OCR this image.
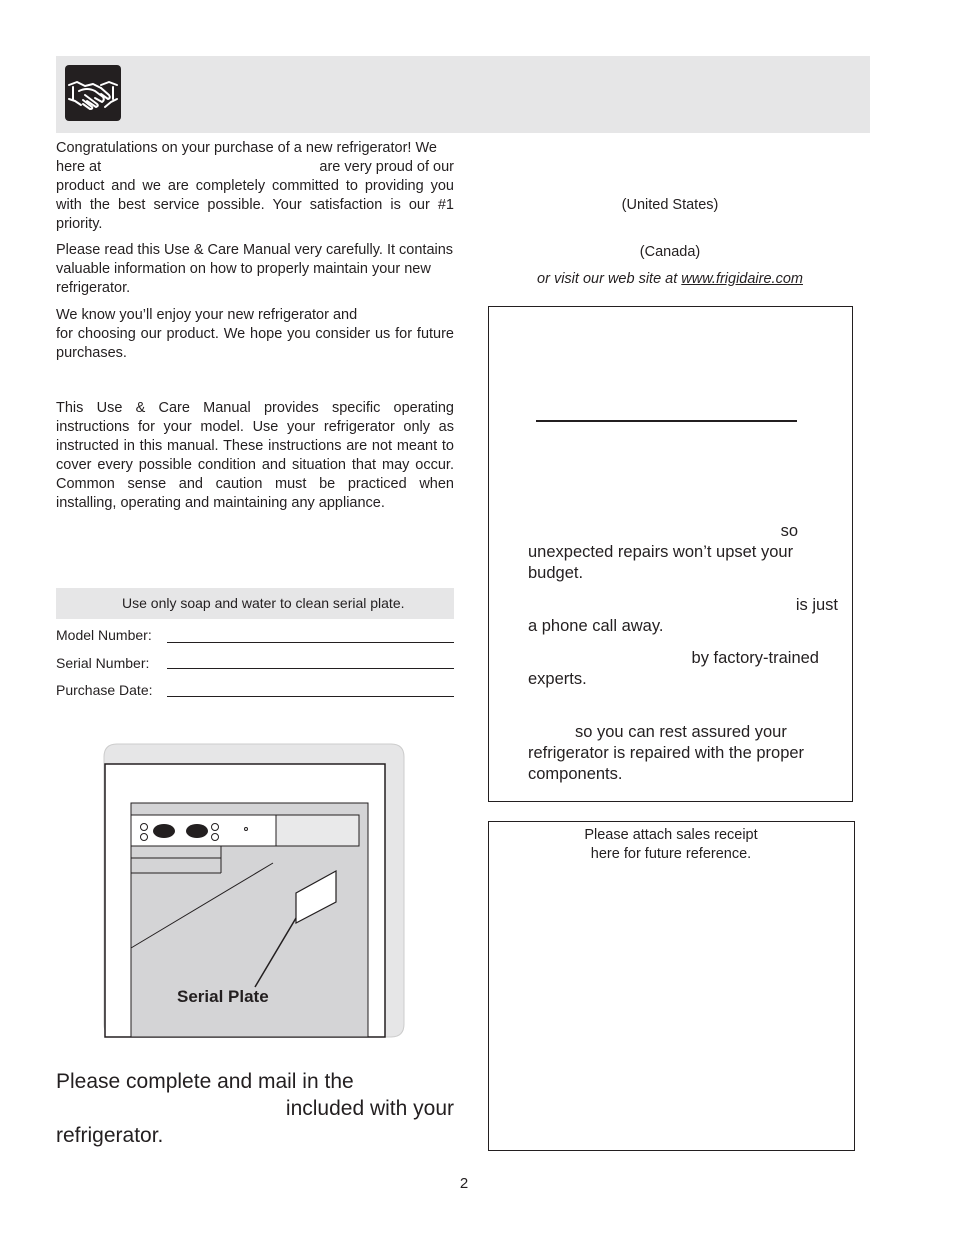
Congratulations on your purchase of a new refrigerator! We
here at	are very proud of our
product and we are completely committed to providing you with the best service possible. Your satisfaction is our #1 priority.

Please read this Use & Care Manual very carefully. It contains valuable information on how to properly maintain your new refrigerator.

We know you’ll enjoy your new refrigerator and
for choosing our product. We hope you consider us for future purchases.

This Use & Care Manual provides specific operating instructions for your model. Use your refrigerator only as instructed in this manual. These instructions are not meant to cover every possible condition and situation that may occur. Common sense and caution must be practiced when installing, operating and maintaining any appliance.

Use only soap and water to clean serial plate.
Model Number:
Serial Number:
Purchase Date:
Serial Plate
Please complete and mail in the
included with your
refrigerator.
(United States)
(Canada)
or visit our web site at www.frigidaire.com
so
unexpected repairs won’t upset your
budget.
is just
a phone call away.
by factory-trained
experts.
so you can rest assured your
refrigerator is repaired with the proper
components.
Please attach sales receipt
here for future reference.
2
